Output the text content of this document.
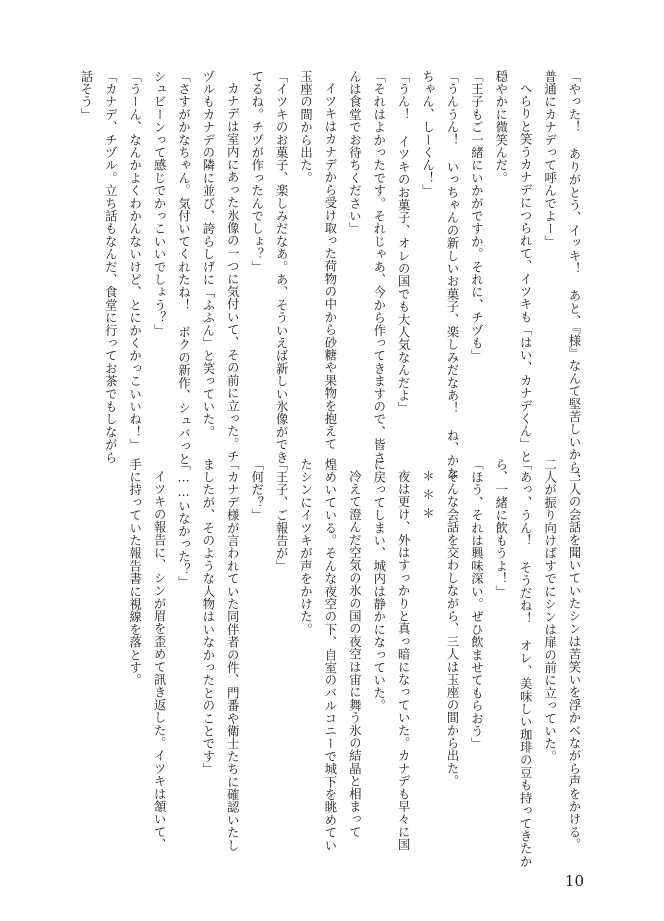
「やった！ ありがとう、イッキ！ あと、『様』なんて堅苦しいから、

普通にカナデって呼んでよー」

へらりと笑うカナデにつられて、イツキも「はい、カナデくん」と

穏やかに微笑んだ。

「王子もご一緒にいかがですか。それに、チヅも」

「うんうん！ いっちゃんの新しいお菓子、楽しみだなあ！ ね、かな

ちゃん、しーくん！」

「うん！ イツキのお菓子、オレの国でも大人気なんだよ」

「それはよかったです。それじゃあ、今から作ってきますので、皆さ

んは食堂でお待ちください」

イツキはカナデから受け取った荷物の中から砂糖や果物を抱えて

玉座の間から出た。

「イツキのお菓子、楽しみだなあ。あ、そういえば新しい氷像ができ

てるね。チヅが作ったんでしょ？」

カナデは室内にあった氷像の一つに気付いて、その前に立った。チ

ヅルもカナデの隣に並び、誇らしげに「ふふん」と笑っていた。

「さすがかなちゃん。気付いてくれたね！ ボクの新作、シュバっと

シュビーンって感じでかっこいいでしょう？」

「うーん、なんかよくわかんないけど、とにかくかっこいいね！」

「カナデ、チヅル。立ち話もなんだ、食堂に行ってお茶でもしながら

話そう」

二人の会話を聞いていたシンは苦笑いを浮かべながら声をかける。

二人が振り向けばすでにシンは扉の前に立っていた。

「あっ、うん！ そうだね！ オレ、美味しい珈琲の豆も持ってきたか

ら、一緒に飲もうよ！」

「ほう、それは興味深い。ぜひ飲ませてもらおう」

そんな会話を交わしながら、三人は玉座の間から出た。

＊＊＊

夜は更け、外はすっかりと真っ暗になっていた。カナデも早々に国

に戻ってしまい、城内は静かになっていた。

冷えて澄んだ空気の氷の国の夜空は宙に舞う氷の結晶と相まって

煌めいている。そんな夜空の下、自室のバルコニーで城下を眺めてい

たシンにイツキが声をかけた。

「王子、ご報告が」

「何だ？」

「カナデ様が言われていた同伴者の件、門番や衛士たちに確認いたし

ましたが、そのような人物はいなかったとのことです」

「……いなかった？」

イツキの報告に、シンが眉を歪めて訊き返した。イツキは頷いて、

手に持っていた報告書に視線を落とす。

10
